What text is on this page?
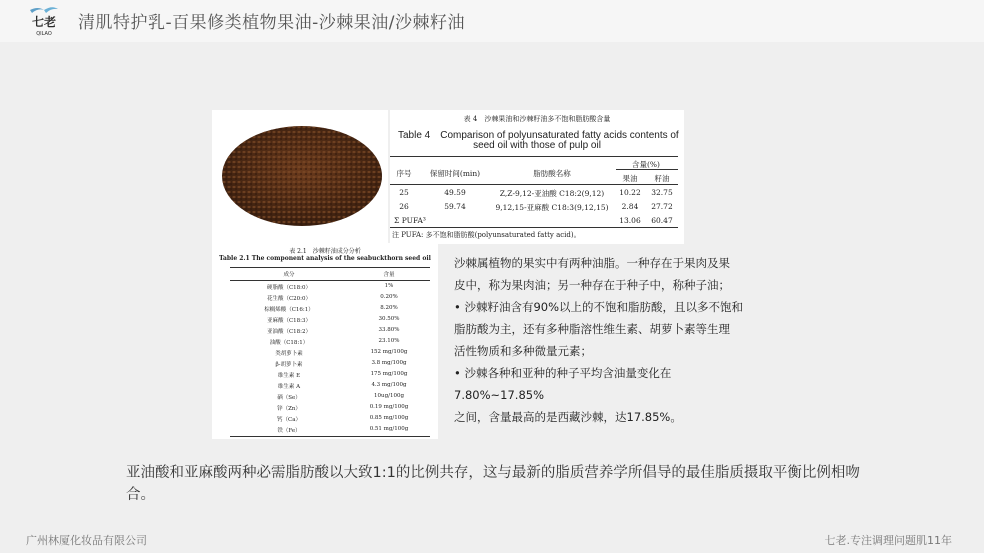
七老
QILAO
清肌特护乳-百果修类植物果油-沙棘果油/沙棘籽油
表 4　沙棘果油和沙棘籽油多不饱和脂肪酸含量
Table 4　Comparison of polyunsaturated fatty acids contents of
seed oil with those of pulp oil
序号	保留时间(min)	脂肪酸名称
含量(%)
果油	籽油
25	49.59	Z,Z-9,12-亚油酸 C18:2(9,12)	10.22	32.75
26	59.74	9,12,15-亚麻酸 C18:3(9,12,15)	2.84	27.72
Σ PUFA³	13.06	60.47
注 PUFA: 多不饱和脂肪酸(polyunsaturated fatty acid)。
表 2.1　沙棘籽油成分分析
Table 2.1 The component analysis of the seabuckthorn seed oil
成分	含量
硬脂酸（C18:0）	1%
花生酸（C20:0）	0.20%
棕榈烯酸（C16:1）	8.20%
亚麻酸（C18:3）	30.50%
亚油酸（C18:2）	33.80%
油酸（C18:1）	23.10%
类胡萝卜素	152 mg/100g
β-胡萝卜素	3.8 mg/100g
维生素 E	175 mg/100g
维生素 A	4.3 mg/100g
硒（Se）	10ug/100g
锌（Zn）	0.19 mg/100g
钙（Ca）	0.85 mg/100g
铁（Fe）	0.51 mg/100g
沙棘属植物的果实中有两种油脂。一种存在于果肉及果
皮中，称为果肉油；另一种存在于种子中，称种子油；
• 沙棘籽油含有90%以上的不饱和脂肪酸，且以多不饱和
脂肪酸为主，还有多种脂溶性维生素、胡萝卜素等生理
活性物质和多种微量元素；
• 沙棘各种和亚种的种子平均含油量变化在
7.80%~17.85%
之间，含量最高的是西藏沙棘，达17.85%。
亚油酸和亚麻酸两种必需脂肪酸以大致1:1的比例共存，这与最新的脂质营养学所倡导的最佳脂质摄取平衡比例相吻合。
广州林厦化妆品有限公司	七老.专注调理问题肌11年
